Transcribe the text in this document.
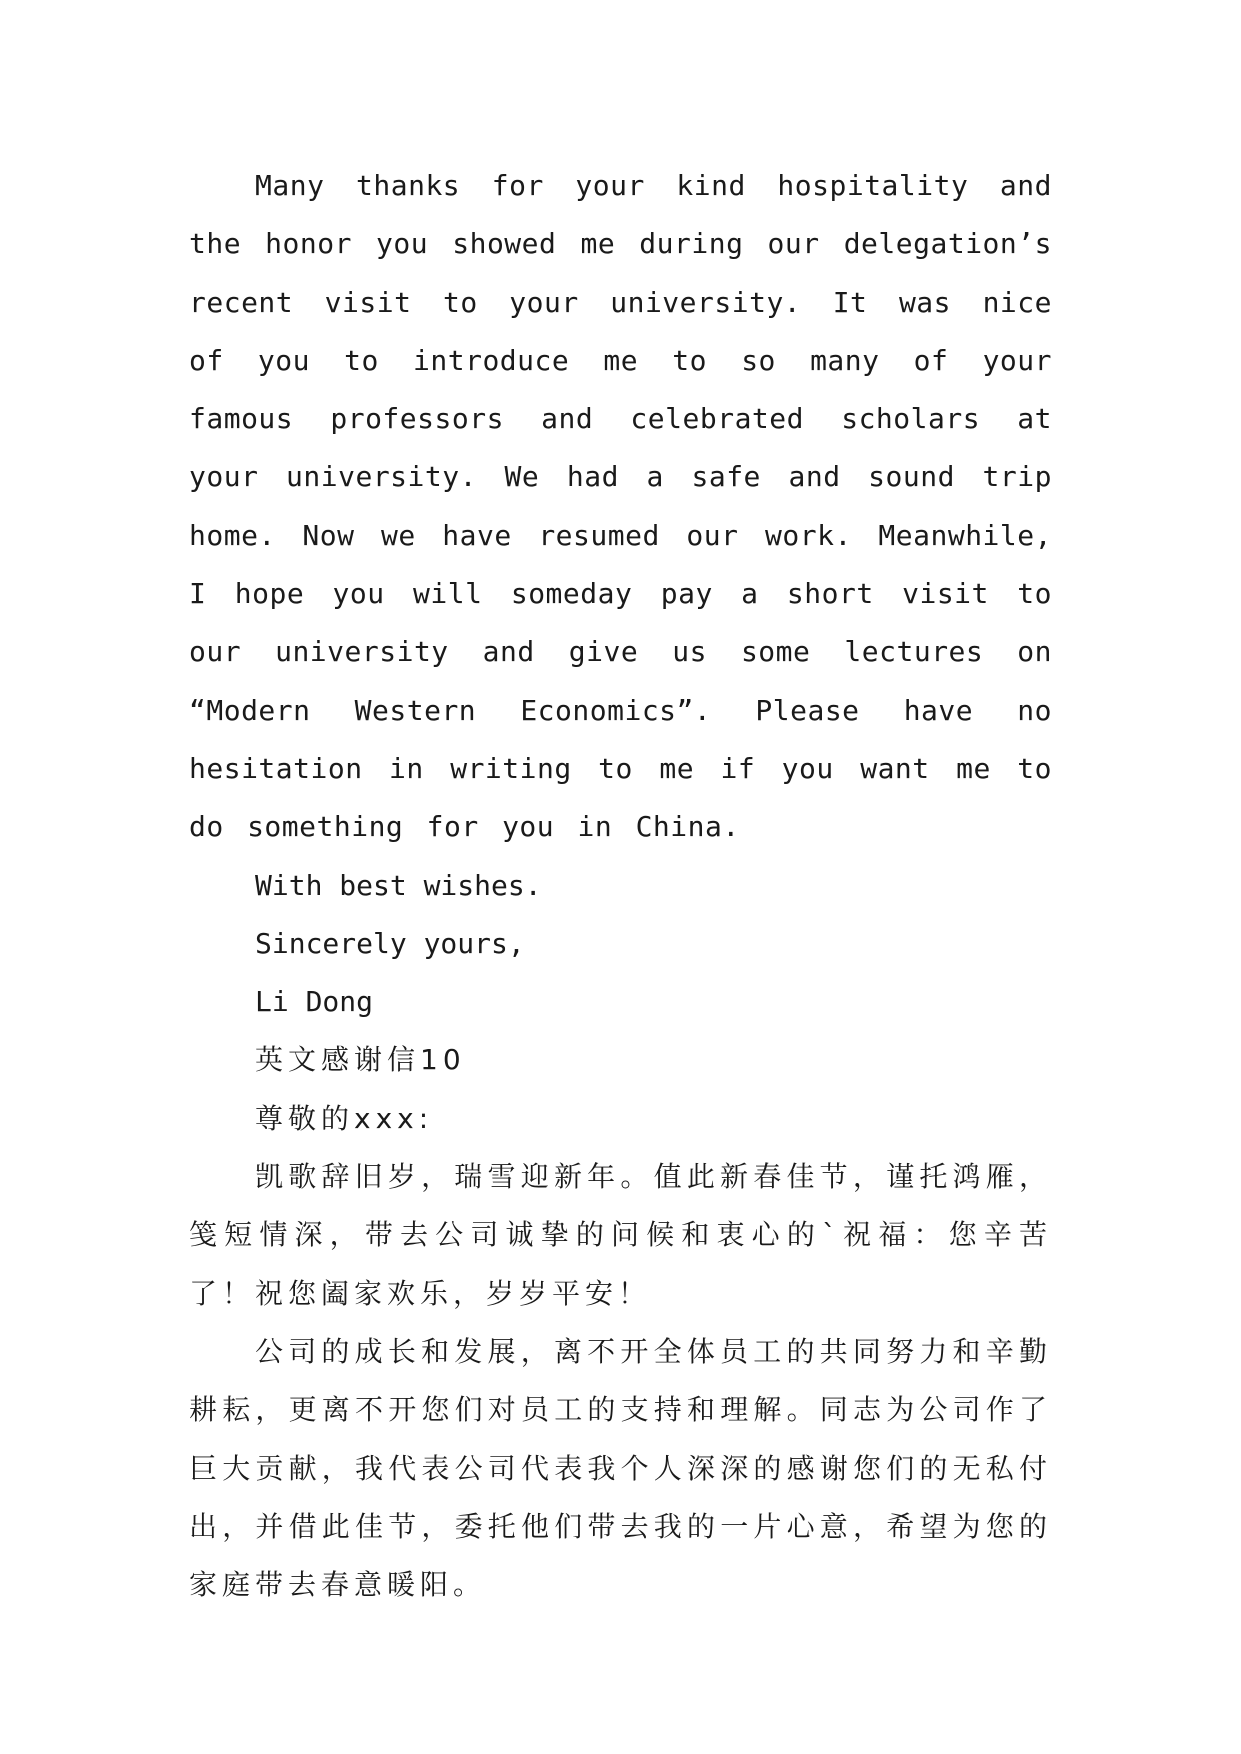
Many thanks for your kind hospitality and the honor you showed me during our delegation’s recent visit to your university. It was nice of you to introduce me to so many of your famous professors and celebrated scholars at your university. We had a safe and sound trip home. Now we have resumed our work. Meanwhile, I hope you will someday pay a short visit to our university and give us some lectures on “Modern Western Economics”. Please have no hesitation in writing to me if you want me to do something for you in China.

With best wishes.

Sincerely yours,

Li Dong

英文感谢信10

尊敬的xxx:

凯歌辞旧岁，瑞雪迎新年。值此新春佳节，谨托鸿雁，笺短情深，带去公司诚挚的问候和衷心的`祝福：您辛苦了！祝您阖家欢乐，岁岁平安！

公司的成长和发展，离不开全体员工的共同努力和辛勤耕耘，更离不开您们对员工的支持和理解。同志为公司作了巨大贡献，我代表公司代表我个人深深的感谢您们的无私付出，并借此佳节，委托他们带去我的一片心意，希望为您的家庭带去春意暖阳。
